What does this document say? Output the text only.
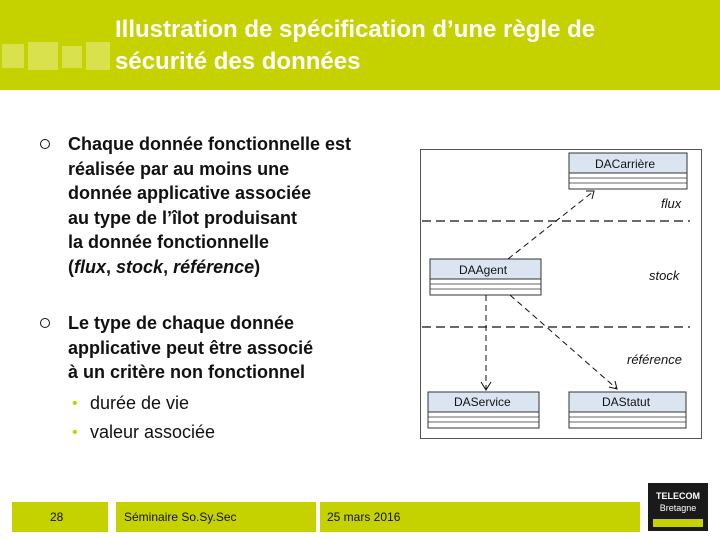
Illustration de spécification d’une règle de
sécurité des données
Chaque donnée fonctionnelle est
réalisée par au moins une
donnée applicative associée
au type de l’îlot produisant
la donnée fonctionnelle
(flux, stock, référence)
Le type de chaque donnée
applicative peut être associé
à un critère non fonctionnel
• durée de vie
• valeur associée
DACarrière
DAAgent
DAService	DAStatut
flux
stock
référence
28	Séminaire So.Sy.Sec	25 mars 2016
TELECOM
Bretagne
